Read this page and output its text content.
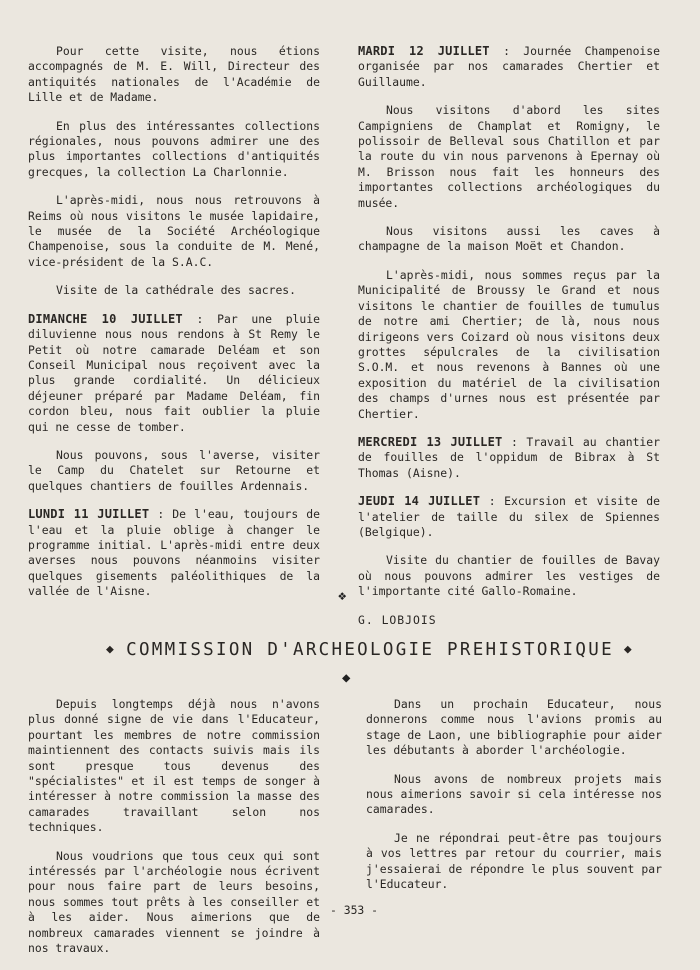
Pour cette visite, nous étions accompagnés de M. E. Will, Directeur des antiquités nationales de l'Académie de Lille et de Madame.

En plus des intéressantes collections régionales, nous pouvons admirer une des plus importantes collections d'antiquités grecques, la collection La Charlonnie.

L'après-midi, nous nous retrouvons à Reims où nous visitons le musée lapidaire, le musée de la Société Archéologique Champenoise, sous la conduite de M. Mené, vice-président de la S.A.C.

Visite de la cathédrale des sacres.

DIMANCHE 10 JUILLET : Par une pluie diluvienne nous nous rendons à St Remy le Petit où notre camarade Deléam et son Conseil Municipal nous reçoivent avec la plus grande cordialité. Un délicieux déjeuner préparé par Madame Deléam, fin cordon bleu, nous fait oublier la pluie qui ne cesse de tomber.

Nous pouvons, sous l'averse, visiter le Camp du Chatelet sur Retourne et quelques chantiers de fouilles Ardennais.

LUNDI 11 JUILLET : De l'eau, toujours de l'eau et la pluie oblige à changer le programme initial. L'après-midi entre deux averses nous pouvons néanmoins visiter quelques gisements paléolithiques de la vallée de l'Aisne.

MARDI 12 JUILLET : Journée Champenoise organisée par nos camarades Chertier et Guillaume.

Nous visitons d'abord les sites Campigniens de Champlat et Romigny, le polissoir de Belleval sous Chatillon et par la route du vin nous parvenons à Epernay où M. Brisson nous fait les honneurs des importantes collections archéologiques du musée.

Nous visitons aussi les caves à champagne de la maison Moët et Chandon.

L'après-midi, nous sommes reçus par la Municipalité de Broussy le Grand et nous visitons le chantier de fouilles de tumulus de notre ami Chertier; de là, nous nous dirigeons vers Coizard où nous visitons deux grottes sépulcrales de la civilisation S.O.M. et nous revenons à Bannes où une exposition du matériel de la civilisation des champs d'urnes nous est présentée par Chertier.

MERCREDI 13 JUILLET : Travail au chantier de fouilles de l'oppidum de Bibrax à St Thomas (Aisne).

JEUDI 14 JUILLET : Excursion et visite de l'atelier de taille du silex de Spiennes (Belgique).

Visite du chantier de fouilles de Bavay où nous pouvons admirer les vestiges de l'importante cité Gallo-Romaine.

G. LOBJOIS

❖
◆ COMMISSION D'ARCHEOLOGIE PREHISTORIQUE ◆
◆

Depuis longtemps déjà nous n'avons plus donné signe de vie dans l'Educateur, pourtant les membres de notre commission maintiennent des contacts suivis mais ils sont presque tous devenus des "spécialistes" et il est temps de songer à intéresser à notre commission la masse des camarades travaillant selon nos techniques.

Nous voudrions que tous ceux qui sont intéressés par l'archéologie nous écrivent pour nous faire part de leurs besoins, nous sommes tout prêts à les conseiller et à les aider. Nous aimerions que de nombreux camarades viennent se joindre à nos travaux.

Dans un prochain Educateur, nous donnerons comme nous l'avions promis au stage de Laon, une bibliographie pour aider les débutants à aborder l'archéologie.

Nous avons de nombreux projets mais nous aimerions savoir si cela intéresse nos camarades.

Je ne répondrai peut-être pas toujours à vos lettres par retour du courrier, mais j'essaierai de répondre le plus souvent par l'Educateur.

- 353 -
